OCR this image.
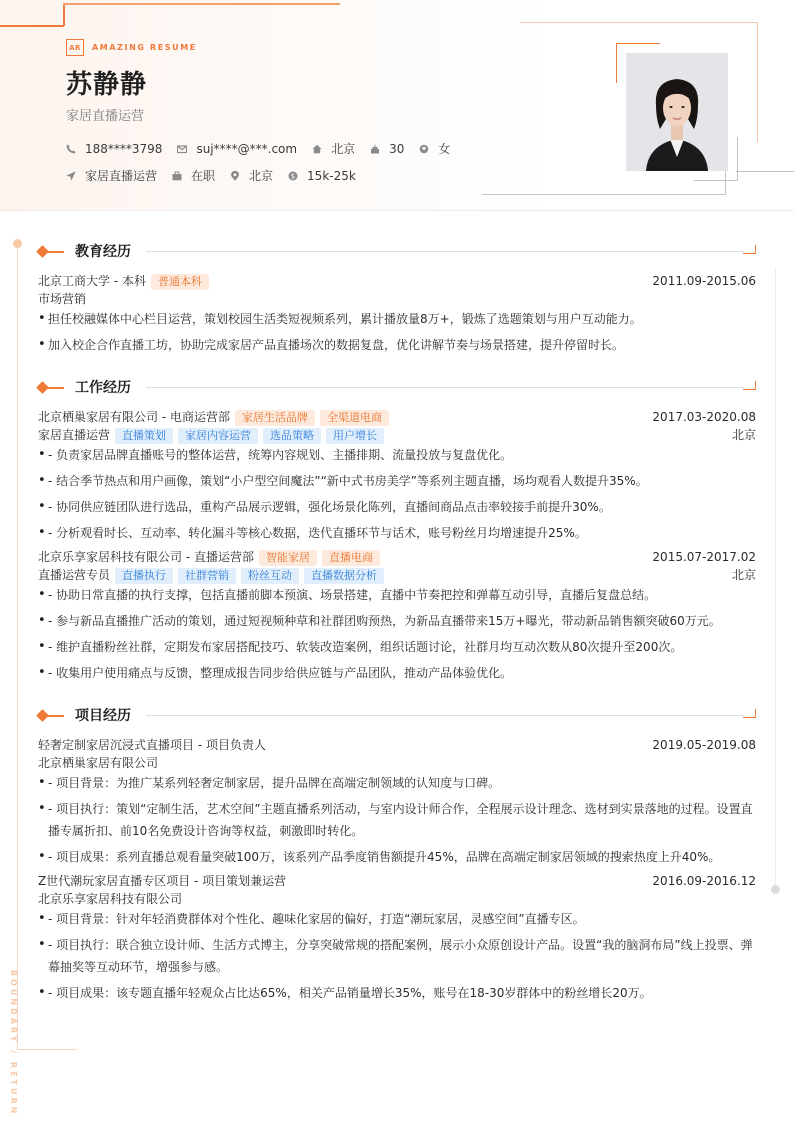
AR	AMAZING RESUME
苏静静
家居直播运营
188****3798	suj****@***.com	北京	30	女
家居直播运营	在职	北京	$ 15k-25k
BOUNDARY / RETURN
教育经历
北京工商大学 - 本科	普通本科	2011.09-2015.06
市场营销
• 担任校融媒体中心栏目运营，策划校园生活类短视频系列，累计播放量8万+，锻炼了选题策划与用户互动能力。
• 加入校企合作直播工坊，协助完成家居产品直播场次的数据复盘，优化讲解节奏与场景搭建，提升停留时长。
工作经历
北京栖巢家居有限公司 - 电商运营部	家居生活品牌	全渠道电商	2017.03-2020.08
家居直播运营	直播策划	家居内容运营	选品策略	用户增长	北京
• - 负责家居品牌直播账号的整体运营，统筹内容规划、主播排期、流量投放与复盘优化。
• - 结合季节热点和用户画像，策划“小户型空间魔法”“新中式书房美学”等系列主题直播，场均观看人数提升35%。
• - 协同供应链团队进行选品，重构产品展示逻辑，强化场景化陈列，直播间商品点击率较接手前提升30%。
• - 分析观看时长、互动率、转化漏斗等核心数据，迭代直播环节与话术，账号粉丝月均增速提升25%。
北京乐享家居科技有限公司 - 直播运营部	智能家居	直播电商	2015.07-2017.02
直播运营专员	直播执行	社群营销	粉丝互动	直播数据分析	北京
• - 协助日常直播的执行支撑，包括直播前脚本预演、场景搭建，直播中节奏把控和弹幕互动引导，直播后复盘总结。
• - 参与新品直播推广活动的策划，通过短视频种草和社群团购预热，为新品直播带来15万+曝光，带动新品销售额突破60万元。
• - 维护直播粉丝社群，定期发布家居搭配技巧、软装改造案例，组织话题讨论，社群月均互动次数从80次提升至200次。
• - 收集用户使用痛点与反馈，整理成报告同步给供应链与产品团队，推动产品体验优化。
项目经历
轻奢定制家居沉浸式直播项目 - 项目负责人	2019.05-2019.08
北京栖巢家居有限公司
• - 项目背景：为推广某系列轻奢定制家居，提升品牌在高端定制领域的认知度与口碑。
• - 项目执行：策划“定制生活，艺术空间”主题直播系列活动，与室内设计师合作，全程展示设计理念、选材到实景落地的过程。设置直播专属折扣、前10名免费设计咨询等权益，刺激即时转化。
• - 项目成果：系列直播总观看量突破100万，该系列产品季度销售额提升45%，品牌在高端定制家居领域的搜索热度上升40%。
Z世代潮玩家居直播专区项目 - 项目策划兼运营	2016.09-2016.12
北京乐享家居科技有限公司
• - 项目背景：针对年轻消费群体对个性化、趣味化家居的偏好，打造“潮玩家居，灵感空间”直播专区。
• - 项目执行：联合独立设计师、生活方式博主，分享突破常规的搭配案例，展示小众原创设计产品。设置“我的脑洞布局”线上投票、弹幕抽奖等互动环节，增强参与感。
• - 项目成果：该专题直播年轻观众占比达65%，相关产品销量增长35%，账号在18-30岁群体中的粉丝增长20万。
